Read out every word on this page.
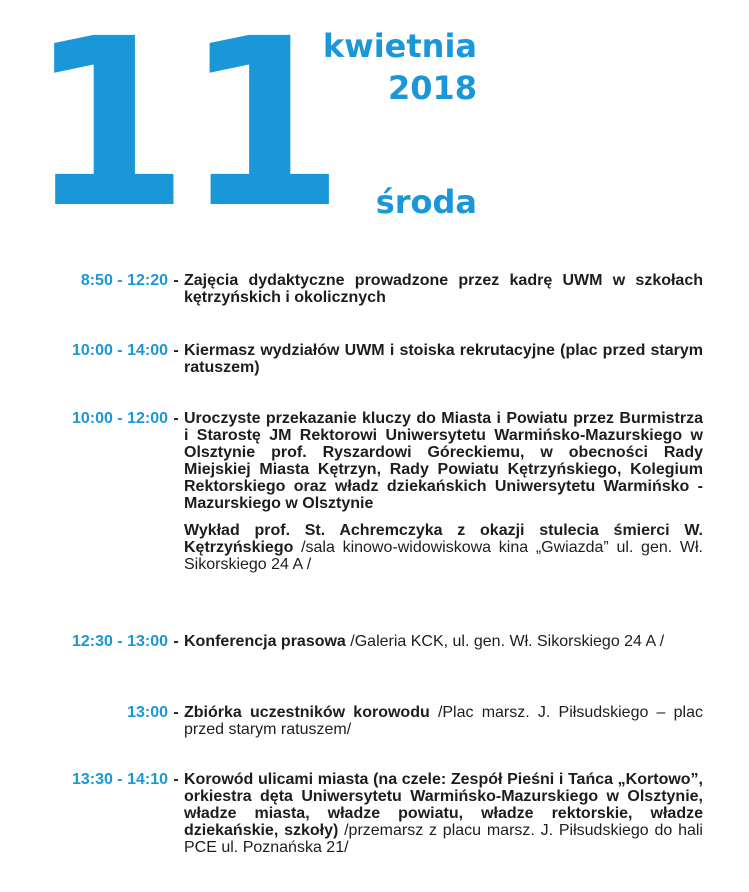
11
kwietnia
2018
środa
8:50 - 12:20 - Zajęcia dydaktyczne prowadzone przez kadrę UWM w szkołach kętrzyńskich i okolicznych
10:00 - 14:00 - Kiermasz wydziałów UWM i stoiska rekrutacyjne (plac przed starym ratuszem)
10:00 - 12:00 - Uroczyste przekazanie kluczy do Miasta i Powiatu przez Burmistrza i Starostę JM Rektorowi Uniwersytetu Warmińsko-Mazurskiego w Olsztynie prof. Ryszardowi Góreckiemu, w obecności Rady Miejskiej Miasta Kętrzyn, Rady Powiatu Kętrzyńskiego, Kolegium Rektorskiego oraz władz dziekańskich Uniwersytetu Warmińsko -Mazurskiego w Olsztynie
Wykład prof. St. Achremczyka z okazji stulecia śmierci W. Kętrzyńskiego /sala kinowo-widowiskowa kina „Gwiazda” ul. gen. Wł. Sikorskiego 24 A /
12:30 - 13:00 - Konferencja prasowa /Galeria KCK, ul. gen. Wł. Sikorskiego 24 A /
13:00 - Zbiórka uczestników korowodu /Plac marsz. J. Piłsudskiego – plac przed starym ratuszem/
13:30 - 14:10 - Korowód ulicami miasta (na czele: Zespół Pieśni i Tańca „Kortowo”, orkiestra dęta Uniwersytetu Warmińsko-Mazurskiego w Olsztynie, władze miasta, władze powiatu, władze rektorskie, władze dziekańskie, szkoły) /przemarsz z placu marsz. J. Piłsudskiego do hali PCE ul. Poznańska 21/
